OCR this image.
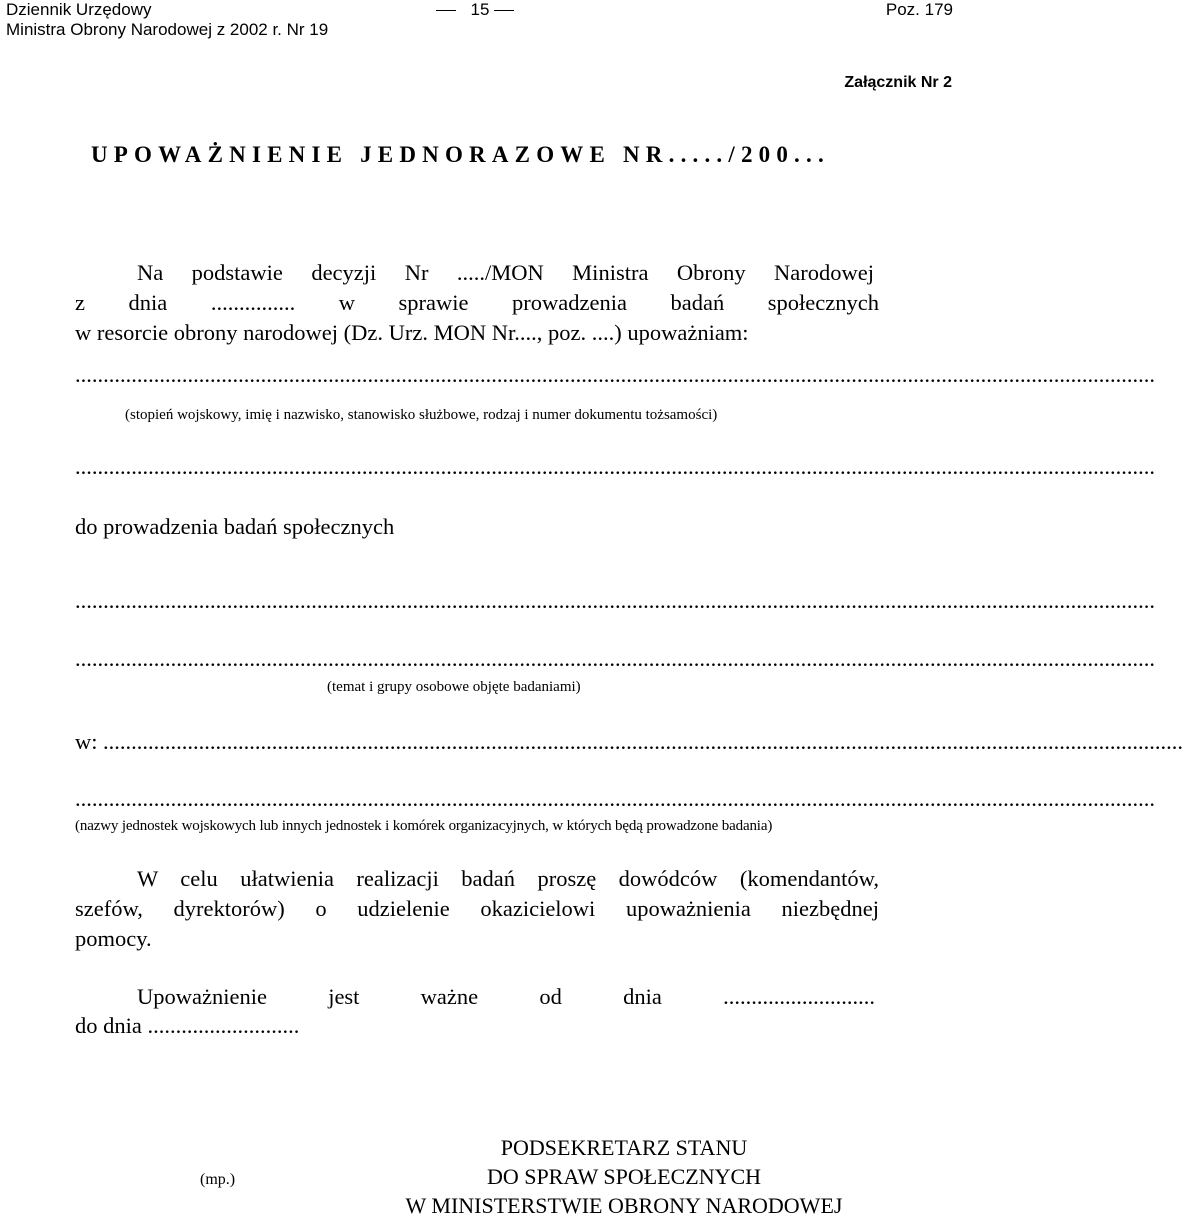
Dziennik Urzędowy
Ministra Obrony Narodowej z 2002 r. Nr 19
15	Poz. 179
Załącznik Nr 2
UPOWAŻNIENIE JEDNORAZOWE NR...../200...
Na podstawie decyzji Nr ...../MON Ministra Obrony Narodowej
z dnia ............... w sprawie prowadzenia badań społecznych
w resorcie obrony narodowej (Dz. Urz. MON Nr...., poz. ....) upoważniam:
................................................................................................................................................................................................
(stopień wojskowy, imię i nazwisko, stanowisko służbowe, rodzaj i numer dokumentu tożsamości)
................................................................................................................................................................................................
do prowadzenia badań społecznych
................................................................................................................................................................................................
................................................................................................................................................................................................
(temat i grupy osobowe objęte badaniami)
w: ................................................................................................................................................................................................
................................................................................................................................................................................................
(nazwy jednostek wojskowych lub innych jednostek i komórek organizacyjnych, w których będą prowadzone badania)
W celu ułatwienia realizacji badań proszę dowódców (komendantów,
szefów, dyrektorów) o udzielenie okazicielowi upoważnienia niezbędnej
pomocy.
Upoważnienie	jest	ważne	od	dnia	...........................
do dnia ...........................
(mp.)
PODSEKRETARZ STANU
DO SPRAW SPOŁECZNYCH
W MINISTERSTWIE OBRONY NARODOWEJ
